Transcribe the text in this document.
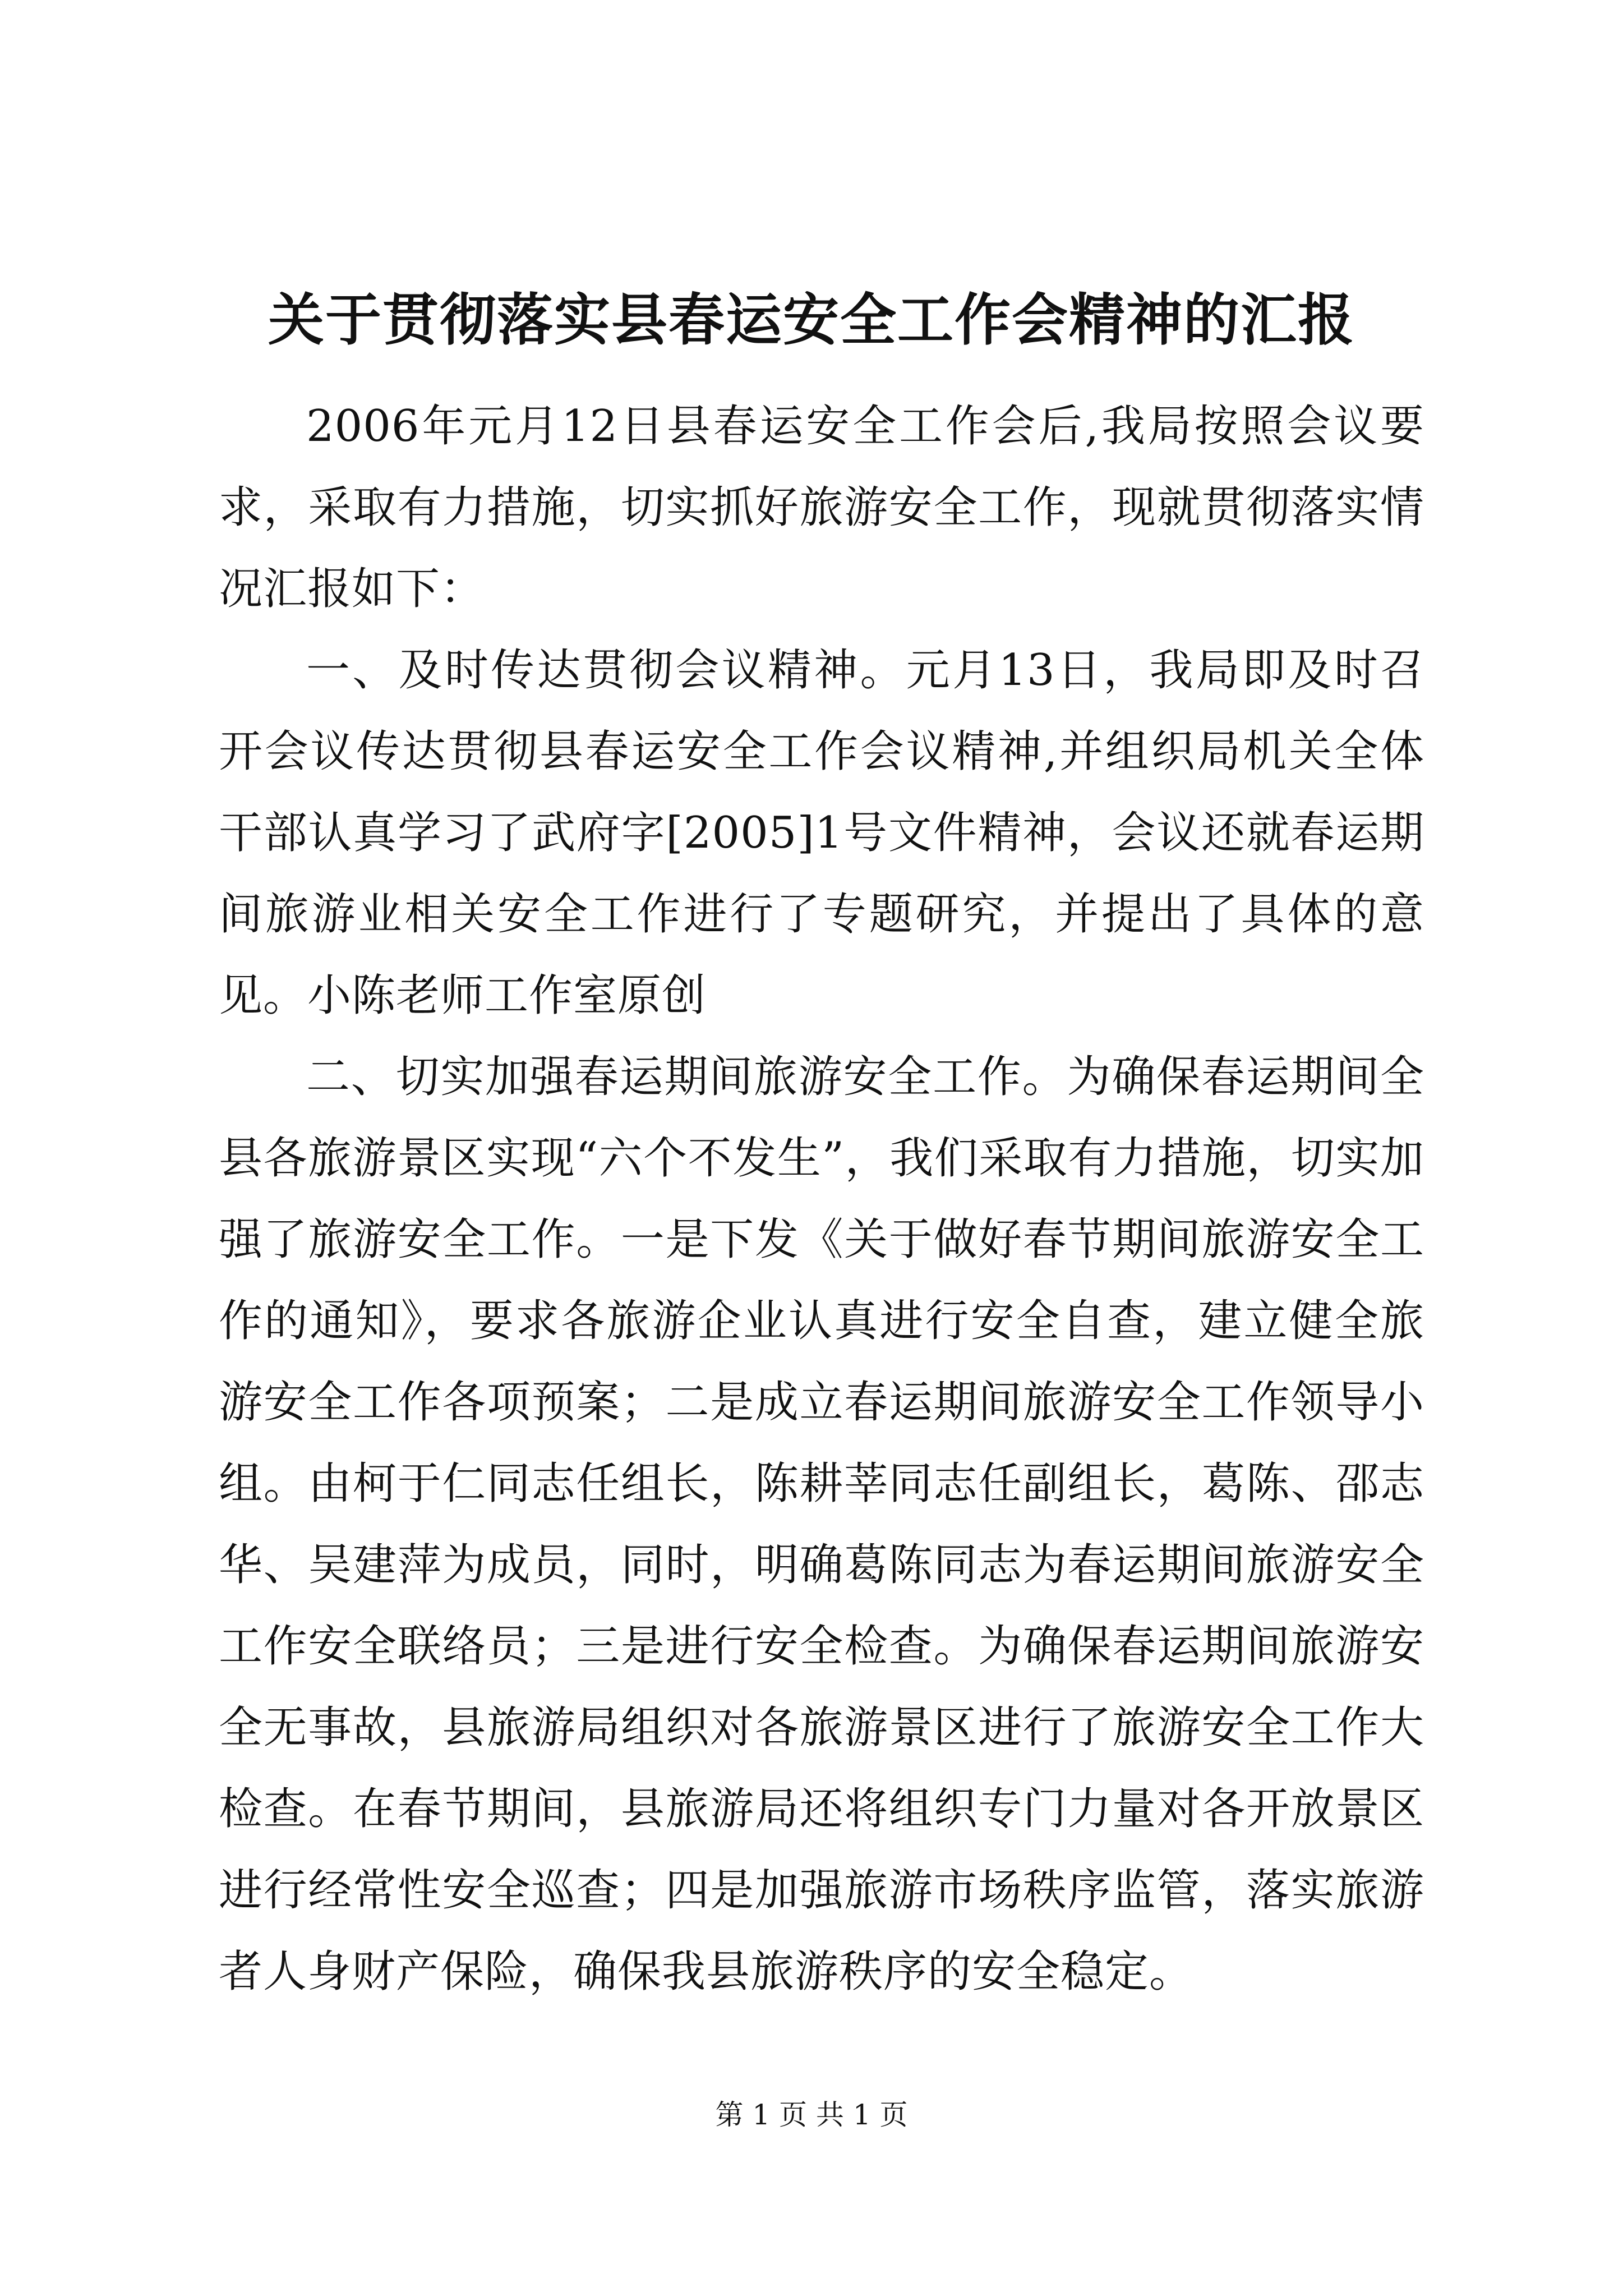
关于贯彻落实县春运安全工作会精神的汇报

2006年元月12日县春运安全工作会后,我局按照会议要求，采取有力措施，切实抓好旅游安全工作，现就贯彻落实情况汇报如下：

一、及时传达贯彻会议精神。元月13日，我局即及时召开会议传达贯彻县春运安全工作会议精神,并组织局机关全体干部认真学习了武府字[2005]1号文件精神，会议还就春运期间旅游业相关安全工作进行了专题研究，并提出了具体的意见。小陈老师工作室原创

二、切实加强春运期间旅游安全工作。为确保春运期间全县各旅游景区实现“六个不发生”，我们采取有力措施，切实加强了旅游安全工作。一是下发《关于做好春节期间旅游安全工作的通知》，要求各旅游企业认真进行安全自查，建立健全旅游安全工作各项预案；二是成立春运期间旅游安全工作领导小组。由柯于仁同志任组长，陈耕莘同志任副组长，葛陈、邵志华、吴建萍为成员，同时，明确葛陈同志为春运期间旅游安全工作安全联络员；三是进行安全检查。为确保春运期间旅游安全无事故，县旅游局组织对各旅游景区进行了旅游安全工作大检查。在春节期间，县旅游局还将组织专门力量对各开放景区进行经常性安全巡查；四是加强旅游市场秩序监管，落实旅游者人身财产保险，确保我县旅游秩序的安全稳定。

第 1 页 共 1 页
